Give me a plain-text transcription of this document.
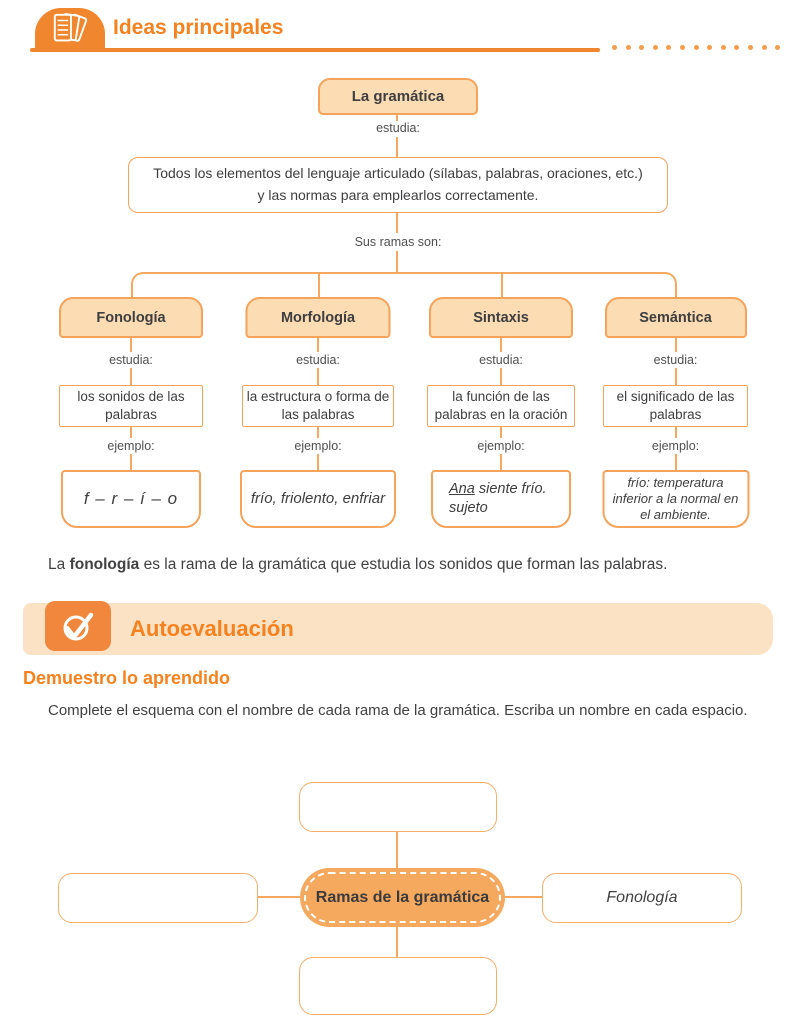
Ideas principales
La gramática
estudia:
Todos los elementos del lenguaje articulado (sílabas, palabras, oraciones, etc.)
y las normas para emplearlos correctamente.
Sus ramas son:
Fonología
estudia:
los sonidos de las palabras
ejemplo:
f – r – í – o
Morfología
estudia:
la estructura o forma de las palabras
ejemplo:
frío, friolento, enfriar
Sintaxis
estudia:
la función de las palabras en la oración
ejemplo:
Ana siente frío.
sujeto
Semántica
estudia:
el significado de las palabras
ejemplo:
frío: temperatura inferior a la normal en el ambiente.
La fonología es la rama de la gramática que estudia los sonidos que forman las palabras.
Autoevaluación
Demuestro lo aprendido
Complete el esquema con el nombre de cada rama de la gramática. Escriba un nombre en cada espacio.
Ramas de la gramática	Fonología
